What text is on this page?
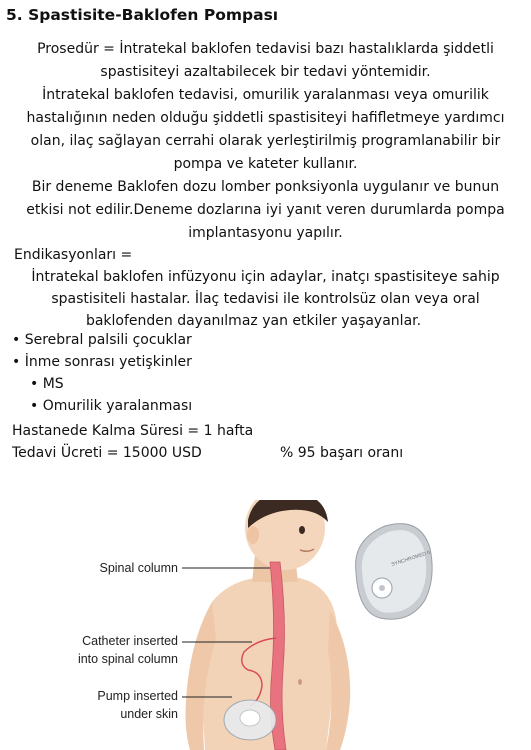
5. Spastisite-Baklofen Pompası

Prosedür = İntratekal baklofen tedavisi bazı hastalıklarda şiddetli

spastisiteyi azaltabilecek bir tedavi yöntemidir.

İntratekal baklofen tedavisi, omurilik yaralanması veya omurilik

hastalığının neden olduğu şiddetli spastisiteyi hafifletmeye yardımcı

olan, ilaç sağlayan cerrahi olarak yerleştirilmiş programlanabilir bir

pompa ve kateter kullanır.

Bir deneme Baklofen dozu lomber ponksiyonla uygulanır ve bunun

etkisi not edilir.Deneme dozlarına iyi yanıt veren durumlarda pompa

implantasyonu yapılır.

Endikasyonları =

İntratekal baklofen infüzyonu için adaylar, inatçı spastisiteye sahip

spastisiteli hastalar. İlaç tedavisi ile kontrolsüz olan veya oral

baklofenden dayanılmaz yan etkiler yaşayanlar.

• Serebral palsili çocuklar
• İnme sonrası yetişkinler
• MS
• Omurilik yaralanması

Hastanede Kalma Süresi = 1 hafta

Tedavi Ücreti = 15000 USD	% 95 başarı oranı

SYNCHROMED II
Spinal column
Catheter inserted
into spinal column
Pump inserted
under skin
